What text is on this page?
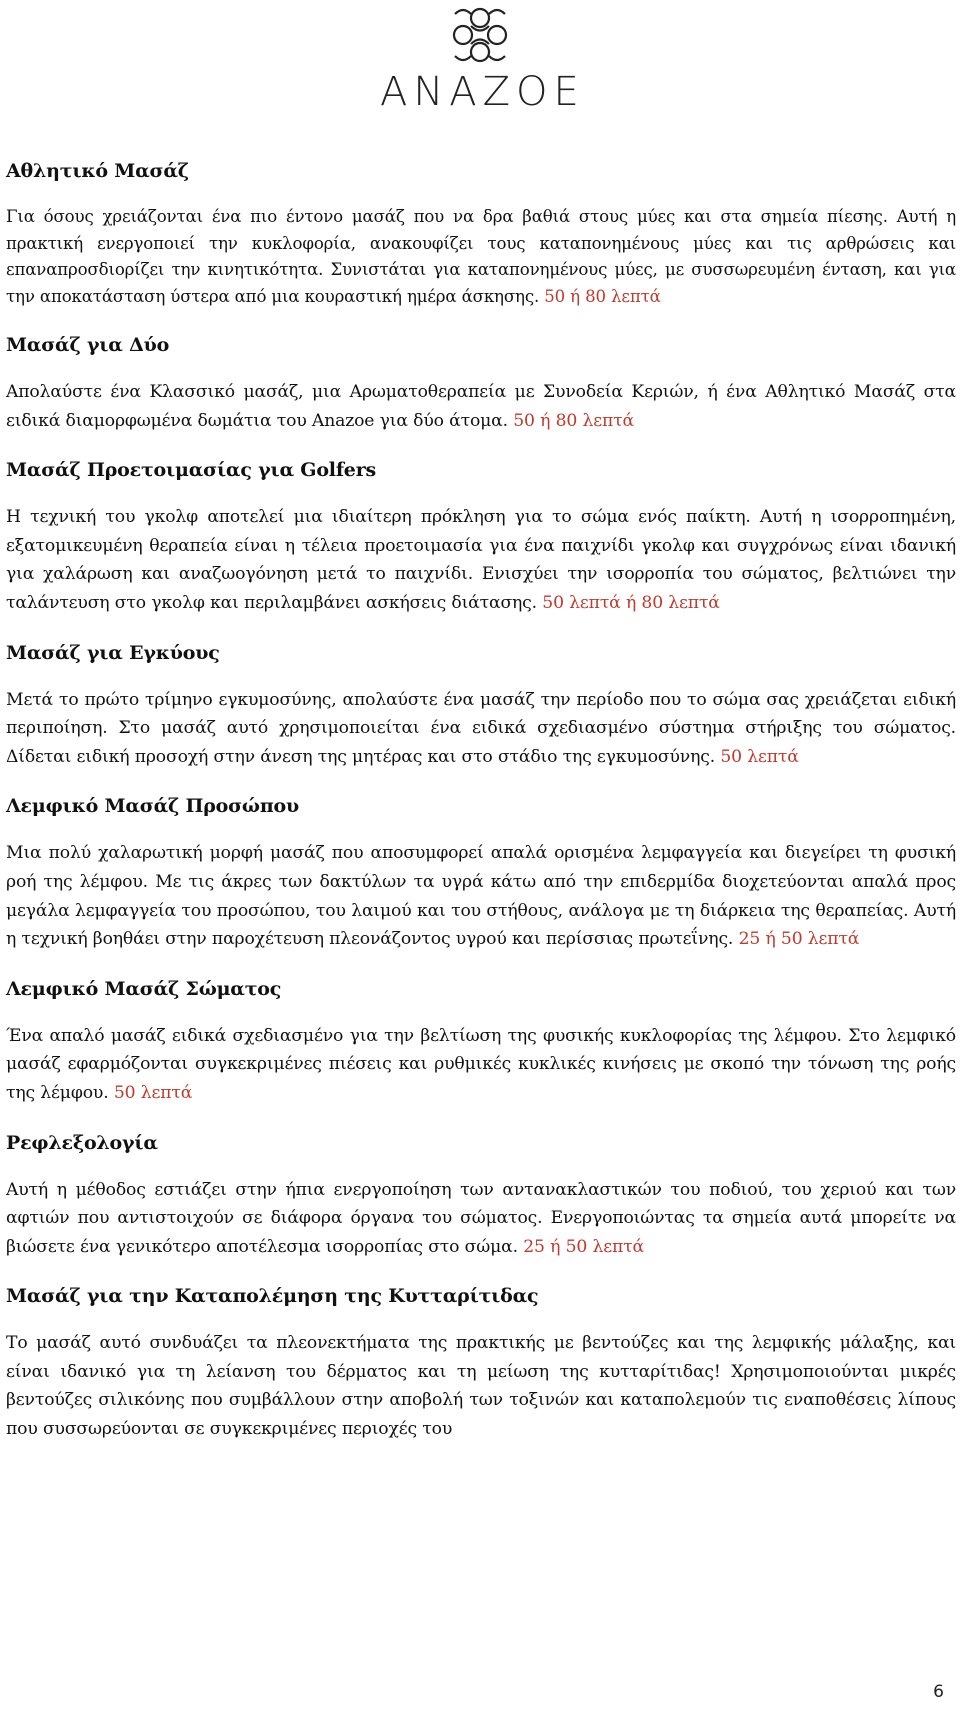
ANAZOE
Αθλητικό Μασάζ

Για όσους χρειάζονται ένα πιο έντονο μασάζ που να δρα βαθιά στους μύες και στα σημεία πίεσης. Αυτή η πρακτική ενεργοποιεί την κυκλοφορία, ανακουφίζει τους καταπονημένους μύες και τις αρθρώσεις και επαναπροσδιορίζει την κινητικότητα. Συνιστάται για καταπονημένους μύες, με συσσωρευμένη ένταση, και για την αποκατάσταση ύστερα από μια κουραστική ημέρα άσκησης. 50 ή 80 λεπτά

Μασάζ για Δύο

Απολαύστε ένα Κλασσικό μασάζ, μια Αρωματοθεραπεία με Συνοδεία Κεριών, ή ένα Αθλητικό Μασάζ στα ειδικά διαμορφωμένα δωμάτια του Anazoe για δύο άτομα. 50 ή 80 λεπτά

Μασάζ Προετοιμασίας για Golfers

Η τεχνική του γκολφ αποτελεί μια ιδιαίτερη πρόκληση για το σώμα ενός παίκτη. Αυτή η ισορροπημένη, εξατομικευμένη θεραπεία είναι η τέλεια προετοιμασία για ένα παιχνίδι γκολφ και συγχρόνως είναι ιδανική για χαλάρωση και αναζωογόνηση μετά το παιχνίδι. Ενισχύει την ισορροπία του σώματος, βελτιώνει την ταλάντευση στο γκολφ και περιλαμβάνει ασκήσεις διάτασης. 50 λεπτά ή 80 λεπτά

Μασάζ για Εγκύους

Μετά το πρώτο τρίμηνο εγκυμοσύνης, απολαύστε ένα μασάζ την περίοδο που το σώμα σας χρειάζεται ειδική περιποίηση. Στο μασάζ αυτό χρησιμοποιείται ένα ειδικά σχεδιασμένο σύστημα στήριξης του σώματος. Δίδεται ειδική προσοχή στην άνεση της μητέρας και στο στάδιο της εγκυμοσύνης. 50 λεπτά

Λεμφικό Μασάζ Προσώπου

Μια πολύ χαλαρωτική μορφή μασάζ που αποσυμφορεί απαλά ορισμένα λεμφαγγεία και διεγείρει τη φυσική ροή της λέμφου. Με τις άκρες των δακτύλων τα υγρά κάτω από την επιδερμίδα διοχετεύονται απαλά προς μεγάλα λεμφαγγεία του προσώπου, του λαιμού και του στήθους, ανάλογα με τη διάρκεια της θεραπείας. Αυτή η τεχνική βοηθάει στην παροχέτευση πλεονάζοντος υγρού και περίσσιας πρωτεΐνης. 25 ή 50 λεπτά

Λεμφικό Μασάζ Σώματος

Ένα απαλό μασάζ ειδικά σχεδιασμένο για την βελτίωση της φυσικής κυκλοφορίας της λέμφου. Στο λεμφικό μασάζ εφαρμόζονται συγκεκριμένες πιέσεις και ρυθμικές κυκλικές κινήσεις με σκοπό την τόνωση της ροής της λέμφου. 50 λεπτά

Ρεφλεξολογία

Αυτή η μέθοδος εστιάζει στην ήπια ενεργοποίηση των αντανακλαστικών του ποδιού, του χεριού και των αφτιών που αντιστοιχούν σε διάφορα όργανα του σώματος. Ενεργοποιώντας τα σημεία αυτά μπορείτε να βιώσετε ένα γενικότερο αποτέλεσμα ισορροπίας στο σώμα. 25 ή 50 λεπτά

Μασάζ για την Καταπολέμηση της Κυτταρίτιδας

Το μασάζ αυτό συνδυάζει τα πλεονεκτήματα της πρακτικής με βεντούζες και της λεμφικής μάλαξης, και είναι ιδανικό για τη λείανση του δέρματος και τη μείωση της κυτταρίτιδας! Χρησιμοποιούνται μικρές βεντούζες σιλικόνης που συμβάλλουν στην αποβολή των τοξινών και καταπολεμούν τις εναποθέσεις λίπους που συσσωρεύονται σε συγκεκριμένες περιοχές του

6
